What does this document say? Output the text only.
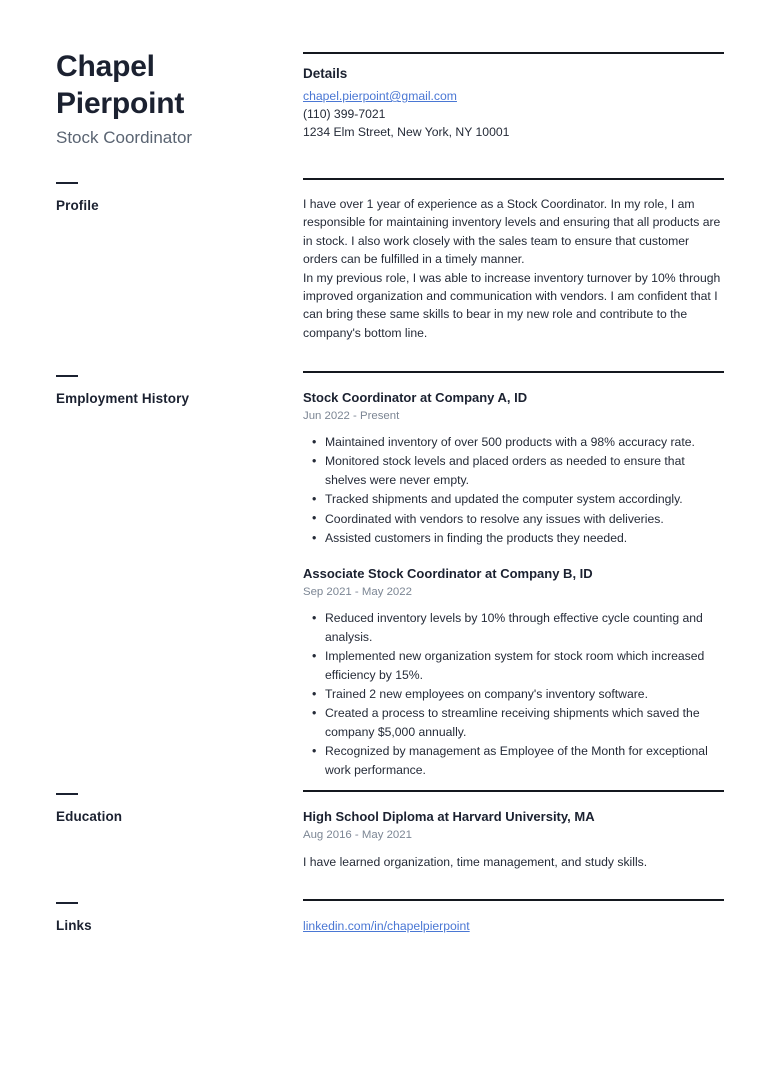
Chapel Pierpoint
Stock Coordinator
Profile
Employment History
Education
Links
Details
chapel.pierpoint@gmail.com
(110) 399-7021
1234 Elm Street, New York, NY 10001

I have over 1 year of experience as a Stock Coordinator. In my role, I am responsible for maintaining inventory levels and ensuring that all products are in stock. I also work closely with the sales team to ensure that customer orders can be fulfilled in a timely manner.

In my previous role, I was able to increase inventory turnover by 10% through improved organization and communication with vendors. I am confident that I can bring these same skills to bear in my new role and contribute to the company's bottom line.

Stock Coordinator at Company A, ID
Jun 2022 - Present
• Maintained inventory of over 500 products with a 98% accuracy rate.
• Monitored stock levels and placed orders as needed to ensure that shelves were never empty.
• Tracked shipments and updated the computer system accordingly.
• Coordinated with vendors to resolve any issues with deliveries.
• Assisted customers in finding the products they needed.
Associate Stock Coordinator at Company B, ID
Sep 2021 - May 2022
• Reduced inventory levels by 10% through effective cycle counting and analysis.
• Implemented new organization system for stock room which increased efficiency by 15%.
• Trained 2 new employees on company's inventory software.
• Created a process to streamline receiving shipments which saved the company $5,000 annually.
• Recognized by management as Employee of the Month for exceptional work performance.
High School Diploma at Harvard University, MA
Aug 2016 - May 2021
I have learned organization, time management, and study skills.
linkedin.com/in/chapelpierpoint
